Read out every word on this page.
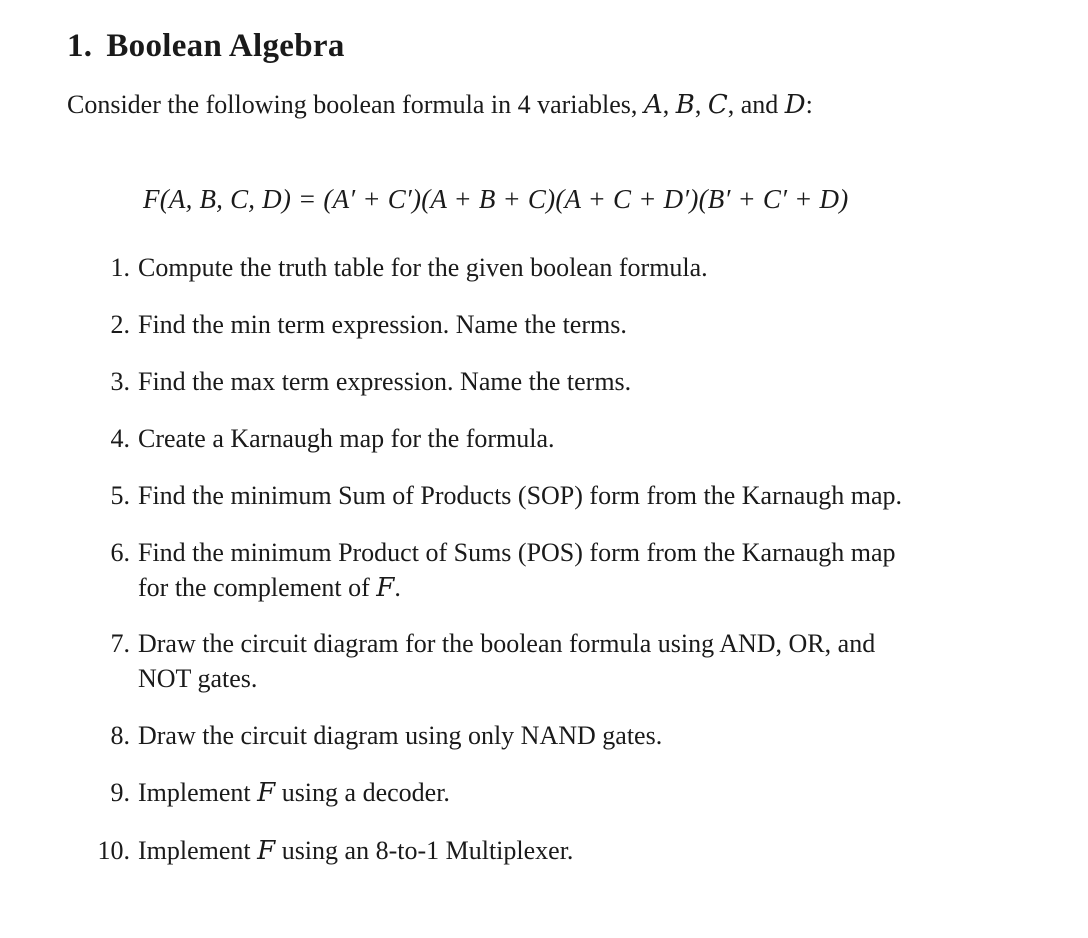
1. Boolean Algebra
Consider the following boolean formula in 4 variables, A, B, C, and D:
F(A, B, C, D) = (A′ + C′)(A + B + C)(A + C + D′)(B′ + C′ + D)
1. Compute the truth table for the given boolean formula.
2. Find the min term expression. Name the terms.
3. Find the max term expression. Name the terms.
4. Create a Karnaugh map for the formula.
5. Find the minimum Sum of Products (SOP) form from the Karnaugh map.
6. Find the minimum Product of Sums (POS) form from the Karnaugh map
for the complement of F.
7. Draw the circuit diagram for the boolean formula using AND, OR, and
NOT gates.
8. Draw the circuit diagram using only NAND gates.
9. Implement F using a decoder.
10. Implement F using an 8-to-1 Multiplexer.
